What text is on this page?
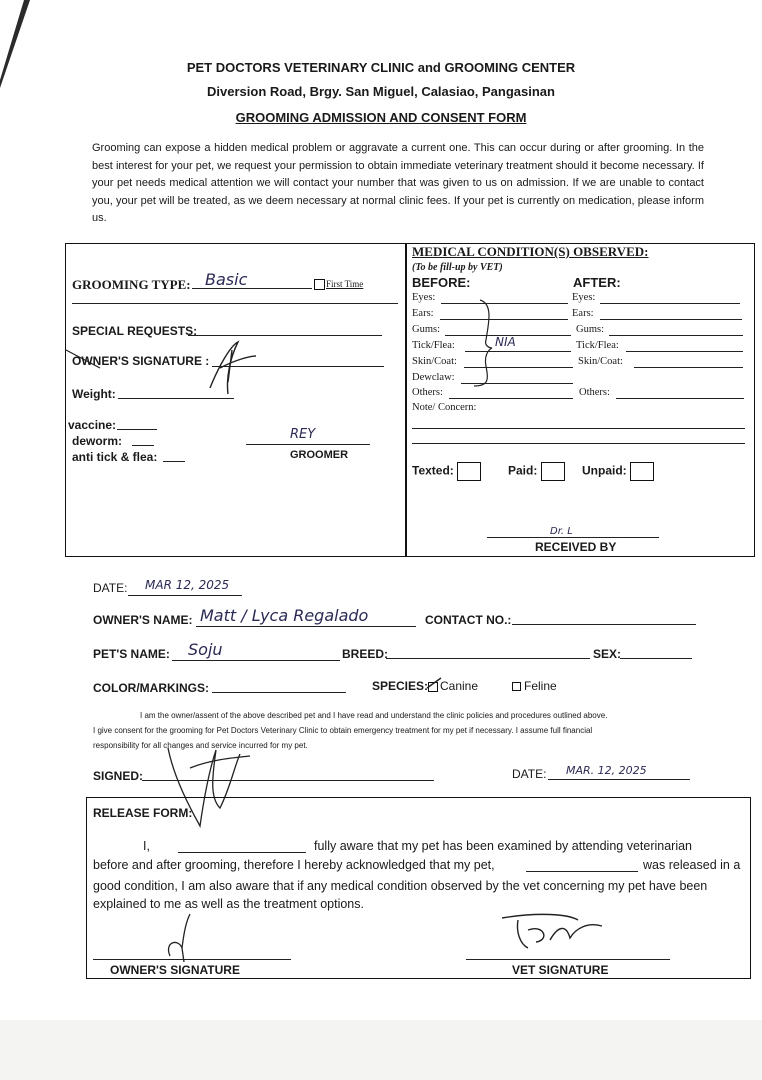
PET DOCTORS VETERINARY CLINIC and GROOMING CENTER
Diversion Road, Brgy. San Miguel, Calasiao, Pangasinan
GROOMING ADMISSION AND CONSENT FORM
Grooming can expose a hidden medical problem or aggravate a current one. This can occur during or after grooming. In the best interest for your pet, we request your permission to obtain immediate veterinary treatment should it become necessary. If your pet needs medical attention we will contact your number that was given to us on admission. If we are unable to contact you, your pet will be treated, as we deem necessary at normal clinic fees. If your pet is currently on medication, please inform us.
GROOMING TYPE: Basic	First Time
SPECIAL REQUESTS:
OWNER'S SIGNATURE :
Weight:
vaccine:
deworm:
anti tick & flea:
REY
GROOMER
MEDICAL CONDITION(S) OBSERVED:
(To be fill-up by VET)
BEFORE:	AFTER:
Eyes:	Eyes:
Ears:	Ears:
Gums:	Gums:
Tick/Flea:	Tick/Flea:
Skin/Coat:	Skin/Coat:
Dewclaw:
Others:	Others:
NIA
Note/ Concern:
Texted:	Paid:	Unpaid:
Dr. L
RECEIVED BY
DATE: MAR 12, 2025
OWNER'S NAME: Matt / Lyca Regalado	CONTACT NO.:
PET'S NAME: Soju	BREED:	SEX:
COLOR/MARKINGS:	SPECIES: Canine	Feline
I am the owner/assent of the above described pet and I have read and understand the clinic policies and procedures outlined above.
I give consent for the grooming for Pet Doctors Veterinary Clinic to obtain emergency treatment for my pet if necessary. I assume full financial
responsibility for all changes and service incurred for my pet.
SIGNED:	DATE: MAR. 12, 2025
RELEASE FORM:
I,	fully aware that my pet has been examined by attending veterinarian
before and after grooming, therefore I hereby acknowledged that my pet,	was released in a
good condition, I am also aware that if any medical condition observed by the vet concerning my pet have been explained to me as well as the treatment options.
OWNER'S SIGNATURE	VET SIGNATURE
